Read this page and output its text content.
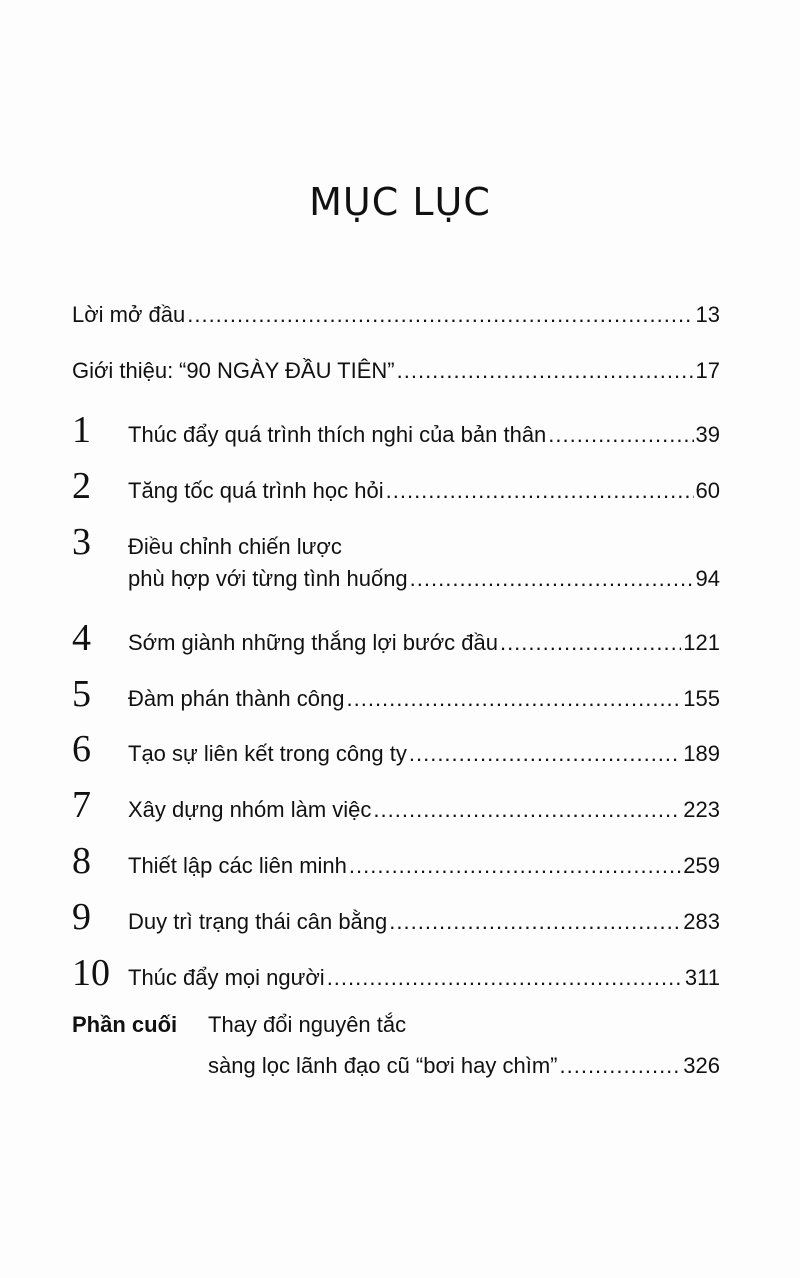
MỤC LỤC
Lời mở đầu .....	13
Giới thiệu: “90 NGÀY ĐẦU TIÊN” .....	17
1	Thúc đẩy quá trình thích nghi của bản thân .....	39
2	Tăng tốc quá trình học hỏi .....	60
3	Điều chỉnh chiến lược
phù hợp với từng tình huống .....	94
4	Sớm giành những thắng lợi bước đầu .....	121
5	Đàm phán thành công .....	155
6	Tạo sự liên kết trong công ty .....	189
7	Xây dựng nhóm làm việc .....	223
8	Thiết lập các liên minh .....	259
9	Duy trì trạng thái cân bằng .....	283
10 Thúc đẩy mọi người .....	311
Phần cuối	Thay đổi nguyên tắc
sàng lọc lãnh đạo cũ “bơi hay chìm” .....	326
